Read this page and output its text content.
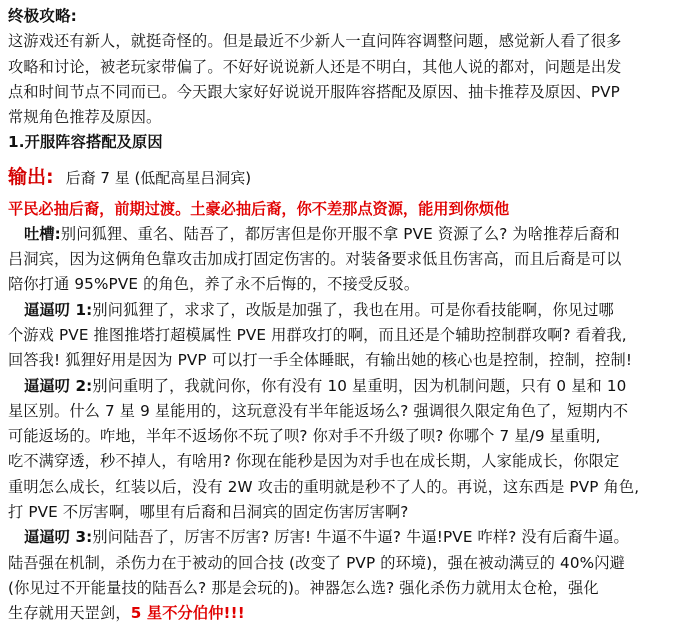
终极攻略:
这游戏还有新人，就挺奇怪的。但是最近不少新人一直问阵容调整问题，感觉新人看了很多
攻略和讨论，被老玩家带偏了。不好好说说新人还是不明白，其他人说的都对，问题是出发
点和时间节点不同而已。今天跟大家好好说说开服阵容搭配及原因、抽卡推荐及原因、PVP
常规角色推荐及原因。
1.开服阵容搭配及原因
输出: 后裔 7 星 (低配高星吕洞宾)
平民必抽后裔，前期过渡。土豪必抽后裔，你不差那点资源，能用到你烦他
吐槽:别问狐狸、重名、陆吾了，都厉害但是你开服不拿 PVE 资源了么? 为啥推荐后裔和
吕洞宾，因为这俩角色靠攻击加成打固定伤害的。对装备要求低且伤害高，而且后裔是可以
陪你打通 95%PVE 的角色，养了永不后悔的，不接受反驳。
逼逼叨 1:别问狐狸了，求求了，改版是加强了，我也在用。可是你看技能啊，你见过哪
个游戏 PVE 推图推塔打超模属性 PVE 用群攻打的啊，而且还是个辅助控制群攻啊? 看着我,
回答我! 狐狸好用是因为 PVP 可以打一手全体睡眠，有输出她的核心也是控制，控制，控制!
逼逼叨 2:别问重明了，我就问你，你有没有 10 星重明，因为机制问题，只有 0 星和 10
星区别。什么 7 星 9 星能用的，这玩意没有半年能返场么? 强调很久限定角色了，短期内不
可能返场的。咋地，半年不返场你不玩了呗? 你对手不升级了呗? 你哪个 7 星/9 星重明,
吃不满穿透，秒不掉人，有啥用? 你现在能秒是因为对手也在成长期，人家能成长，你限定
重明怎么成长，红装以后，没有 2W 攻击的重明就是秒不了人的。再说，这东西是 PVP 角色,
打 PVE 不厉害啊，哪里有后裔和吕洞宾的固定伤害厉害啊?
逼逼叨 3:别问陆吾了，厉害不厉害? 厉害! 牛逼不牛逼? 牛逼!PVE 咋样? 没有后裔牛逼。
陆吾强在机制，杀伤力在于被动的回合技 (改变了 PVP 的环境)，强在被动满豆的 40%闪避
(你见过不开能量技的陆吾么? 那是会玩的)。神器怎么选? 强化杀伤力就用太仓枪，强化
生存就用天罡剑，5 星不分伯仲!!!
